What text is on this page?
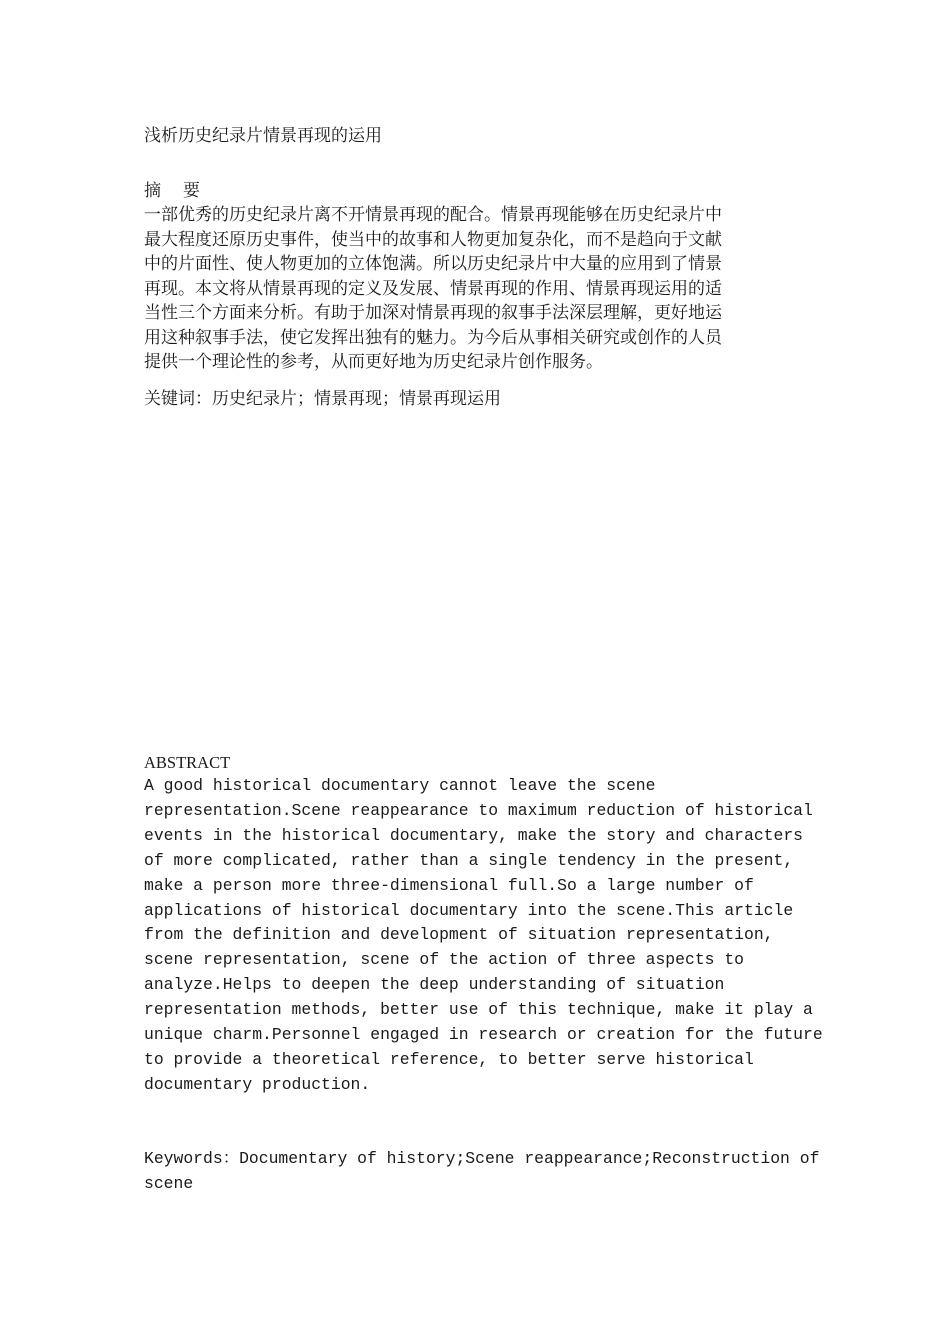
浅析历史纪录片情景再现的运用

摘 要

一部优秀的历史纪录片离不开情景再现的配合。情景再现能够在历史纪录片中
最大程度还原历史事件，使当中的故事和人物更加复杂化，而不是趋向于文献
中的片面性、使人物更加的立体饱满。所以历史纪录片中大量的应用到了情景
再现。本文将从情景再现的定义及发展、情景再现的作用、情景再现运用的适
当性三个方面来分析。有助于加深对情景再现的叙事手法深层理解，更好地运
用这种叙事手法，使它发挥出独有的魅力。为今后从事相关研究或创作的人员
提供一个理论性的参考，从而更好地为历史纪录片创作服务。

关键词：历史纪录片；情景再现；情景再现运用

ABSTRACT
A good historical documentary cannot leave the scene
representation.Scene reappearance to maximum reduction of historical
events in the historical documentary, make the story and characters
of more complicated, rather than a single tendency in the present,
make a person more three-dimensional full.So a large number of
applications of historical documentary into the scene.This article
from the definition and development of situation representation,
scene representation, scene of the action of three aspects to
analyze.Helps to deepen the deep understanding of situation
representation methods, better use of this technique, make it play a
unique charm.Personnel engaged in research or creation for the future
to provide a theoretical reference, to better serve historical
documentary production.
Keywords：Documentary of history;Scene reappearance;Reconstruction of
scene
